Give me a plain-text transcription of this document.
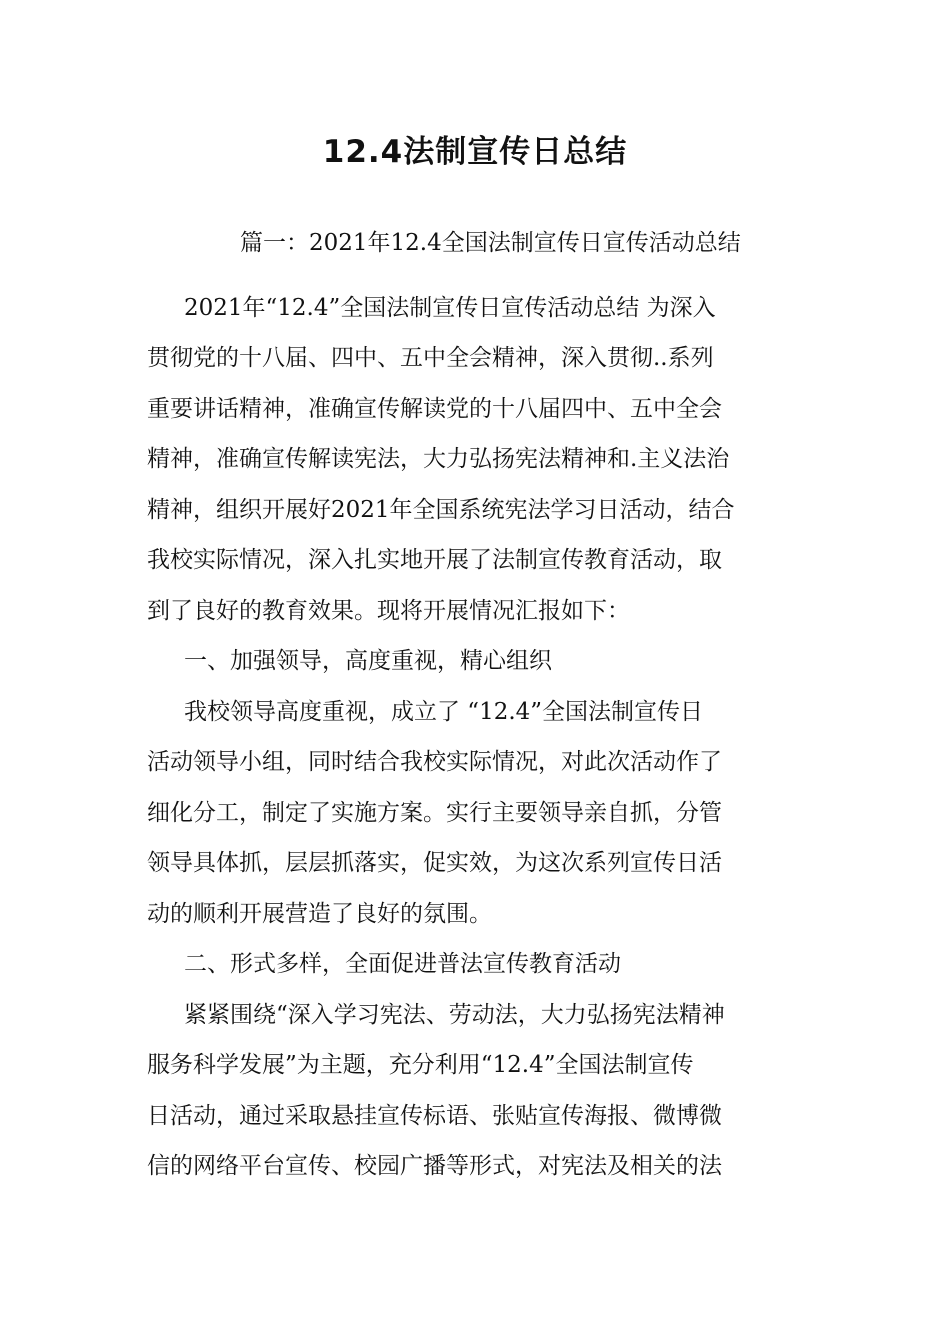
12.4法制宣传日总结

篇一：2021年12.4全国法制宣传日宣传活动总结

2021年“12.4”全国法制宣传日宣传活动总结 为深入

贯彻党的十八届、四中、五中全会精神，深入贯彻..系列

重要讲话精神，准确宣传解读党的十八届四中、五中全会

精神，准确宣传解读宪法，大力弘扬宪法精神和.主义法治

精神，组织开展好2021年全国系统宪法学习日活动，结合

我校实际情况，深入扎实地开展了法制宣传教育活动，取

到了良好的教育效果。现将开展情况汇报如下：

一、加强领导，高度重视，精心组织

我校领导高度重视，成立了 “12.4”全国法制宣传日

活动领导小组，同时结合我校实际情况，对此次活动作了

细化分工，制定了实施方案。实行主要领导亲自抓，分管

领导具体抓，层层抓落实，促实效，为这次系列宣传日活

动的顺利开展营造了良好的氛围。

二、形式多样，全面促进普法宣传教育活动

紧紧围绕“深入学习宪法、劳动法，大力弘扬宪法精神

服务科学发展”为主题，充分利用“12.4”全国法制宣传

日活动，通过采取悬挂宣传标语、张贴宣传海报、微博微

信的网络平台宣传、校园广播等形式，对宪法及相关的法
